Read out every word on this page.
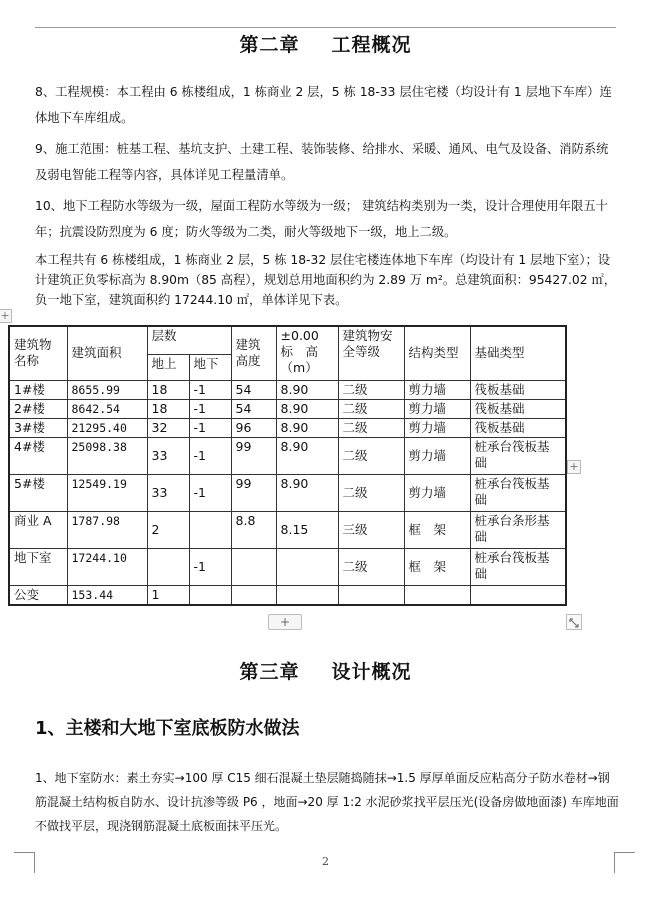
第二章 工程概况

8、工程规模：本工程由 6 栋楼组成，1 栋商业 2 层，5 栋 18-33 层住宅楼（均设计有 1 层地下车库）连体地下车库组成。

9、施工范围：桩基工程、基坑支护、土建工程、装饰装修、给排水、采暖、通风、电气及设备、消防系统及弱电智能工程等内容，具体详见工程量清单。

10、地下工程防水等级为一级，屋面工程防水等级为一级； 建筑结构类别为一类，设计合理使用年限五十年；抗震设防烈度为 6 度；防火等级为二类，耐火等级地下一级，地上二级。

本工程共有 6 栋楼组成，1 栋商业 2 层，5 栋 18-32 层住宅楼连体地下车库（均设计有 1 层地下室）；设计建筑正负零标高为 8.90m（85 高程），规划总用地面积约为 2.89 万 m²。总建筑面积：95427.02 ㎡，负一地下室，建筑面积约 17244.10 ㎡，单体详见下表。

+
建筑物名称	建筑面积	层数		建筑高度	±0.00 标　高（m）	建筑物安全等级	结构类型	基础类型
		地上	地下					
1#楼	8655.99	18	-1	54	8.90	二级	剪力墙	筏板基础
2#楼	8642.54	18	-1	54	8.90	二级	剪力墙	筏板基础
3#楼	21295.40	32	-1	96	8.90	二级	剪力墙	筏板基础
4#楼	25098.38	33	-1	99	8.90	二级	剪力墙	桩承台筏板基础
5#楼	12549.19	33	-1	99	8.90	二级	剪力墙	桩承台筏板基础
商业 A	1787.98	2		8.8	8.15	三级	框　架	桩承台条形基础
地下室	17244.10		-1			二级	框　架	桩承台筏板基础
公变	153.44	1						
+
+
第三章 设计概况
1、主楼和大地下室底板防水做法

1、地下室防水：素土夯实→100 厚 C15 细石混凝土垫层随捣随抹→1.5 厚厚单面反应粘高分子防水卷材→钢筋混凝土结构板自防水、设计抗渗等级 P6 ，地面→20 厚 1:2 水泥砂浆找平层压光(设备房做地面漆) 车库地面不做找平层，现浇钢筋混凝土底板面抹平压光。

2
